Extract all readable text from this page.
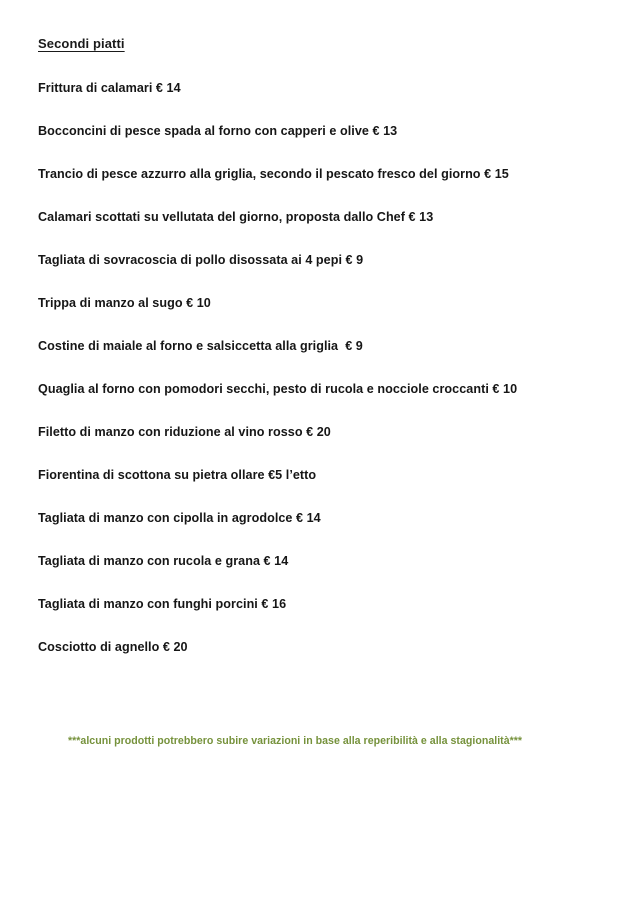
Secondi piatti
Frittura di calamari € 14
Bocconcini di pesce spada al forno con capperi e olive € 13
Trancio di pesce azzurro alla griglia, secondo il pescato fresco del giorno € 15
Calamari scottati su vellutata del giorno, proposta dallo Chef € 13
Tagliata di sovracoscia di pollo disossata ai 4 pepi € 9
Trippa di manzo al sugo € 10
Costine di maiale al forno e salsiccetta alla griglia  € 9
Quaglia al forno con pomodori secchi, pesto di rucola e nocciole croccanti € 10
Filetto di manzo con riduzione al vino rosso € 20
Fiorentina di scottona su pietra ollare €5 l’etto
Tagliata di manzo con cipolla in agrodolce € 14
Tagliata di manzo con rucola e grana € 14
Tagliata di manzo con funghi porcini € 16
Cosciotto di agnello € 20
***alcuni prodotti potrebbero subire variazioni in base alla reperibilità e alla stagionalità***
